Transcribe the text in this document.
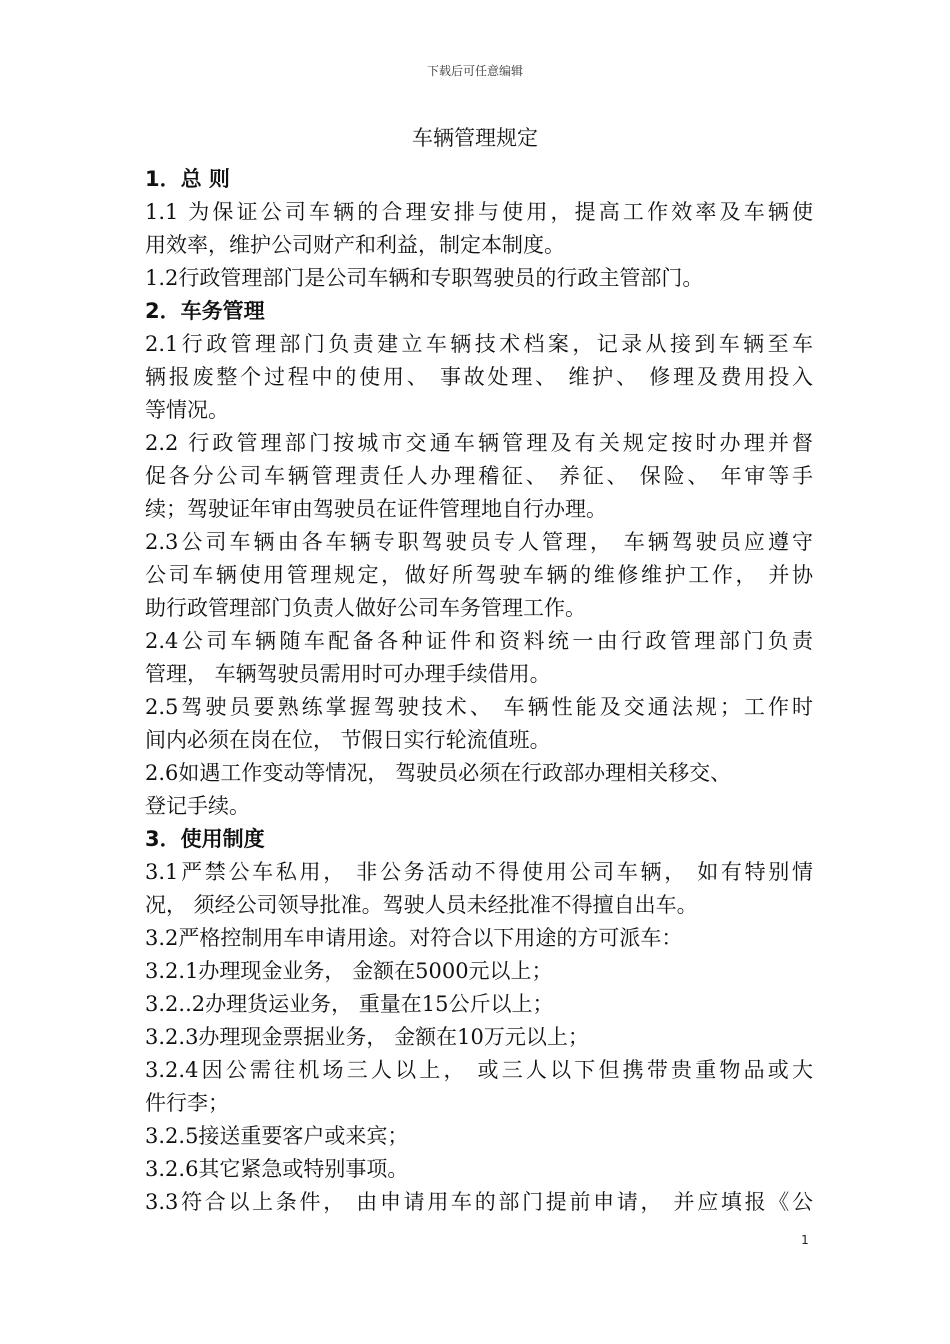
下载后可任意编辑
车辆管理规定
1．总 则
1.1 为保证公司车辆的合理安排与使用，提高工作效率及车辆使
用效率，维护公司财产和利益，制定本制度。
1.2行政管理部门是公司车辆和专职驾驶员的行政主管部门。
2．车务管理
2.1行政管理部门负责建立车辆技术档案，记录从接到车辆至车
辆报废整个过程中的使用、 事故处理、 维护、 修理及费用投入
等情况。
2.2 行政管理部门按城市交通车辆管理及有关规定按时办理并督
促各分公司车辆管理责任人办理稽征、 养征、 保险、 年审等手
续；驾驶证年审由驾驶员在证件管理地自行办理。
2.3公司车辆由各车辆专职驾驶员专人管理， 车辆驾驶员应遵守
公司车辆使用管理规定，做好所驾驶车辆的维修维护工作， 并协
助行政管理部门负责人做好公司车务管理工作。
2.4公司车辆随车配备各种证件和资料统一由行政管理部门负责
管理， 车辆驾驶员需用时可办理手续借用。
2.5驾驶员要熟练掌握驾驶技术、 车辆性能及交通法规；工作时
间内必须在岗在位， 节假日实行轮流值班。
2.6如遇工作变动等情况， 驾驶员必须在行政部办理相关移交、
登记手续。
3．使用制度
3.1严禁公车私用， 非公务活动不得使用公司车辆， 如有特别情
况， 须经公司领导批准。驾驶人员未经批准不得擅自出车。
3.2严格控制用车申请用途。对符合以下用途的方可派车：
3.2.1办理现金业务， 金额在5000元以上；
3.2..2办理货运业务， 重量在15公斤以上；
3.2.3办理现金票据业务， 金额在10万元以上；
3.2.4因公需往机场三人以上， 或三人以下但携带贵重物品或大
件行李；
3.2.5接送重要客户或来宾；
3.2.6其它紧急或特别事项。
3.3符合以上条件， 由申请用车的部门提前申请， 并应填报《公
1
